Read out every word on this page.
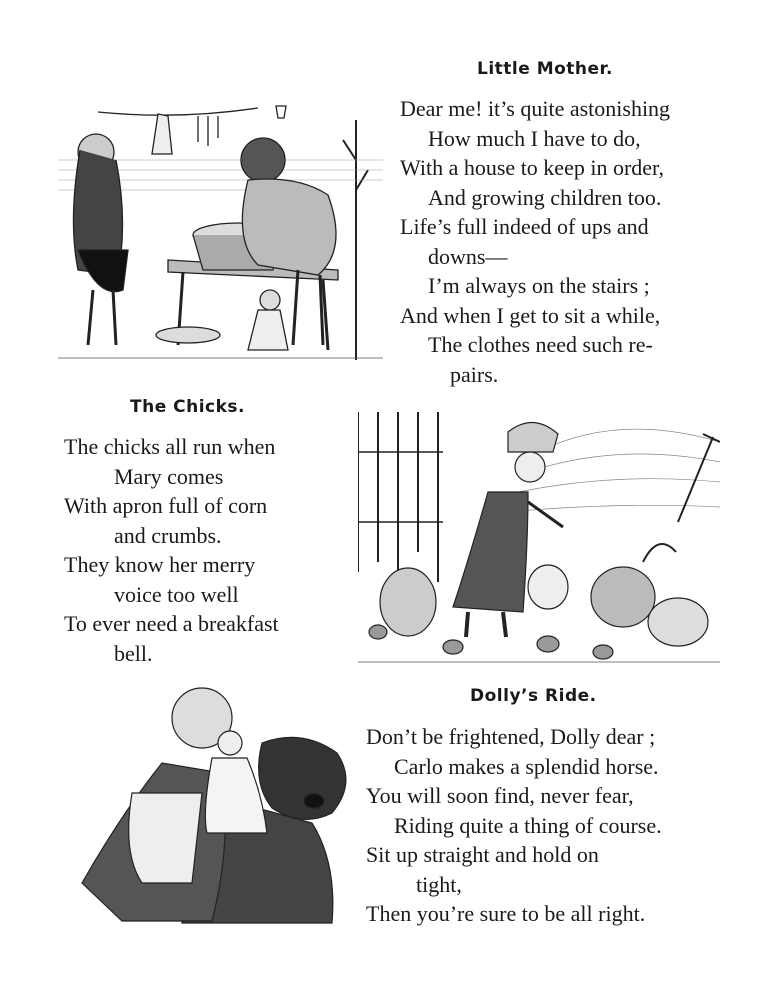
Little Mother.
Dear me! it’s quite astonishing
How much I have to do,
With a house to keep in order,
And growing children too.
Life’s full indeed of ups and
downs—
I’m always on the stairs ;
And when I get to sit a while,
The clothes need such re-
pairs.
The Chicks.
The chicks all run when
Mary comes
With apron full of corn
and crumbs.
They know her merry
voice too well
To ever need a breakfast
bell.
Dolly’s Ride.
Don’t be frightened, Dolly dear ;
Carlo makes a splendid horse.
You will soon find, never fear,
Riding quite a thing of course.
Sit up straight and hold on
tight,
Then you’re sure to be all right.
